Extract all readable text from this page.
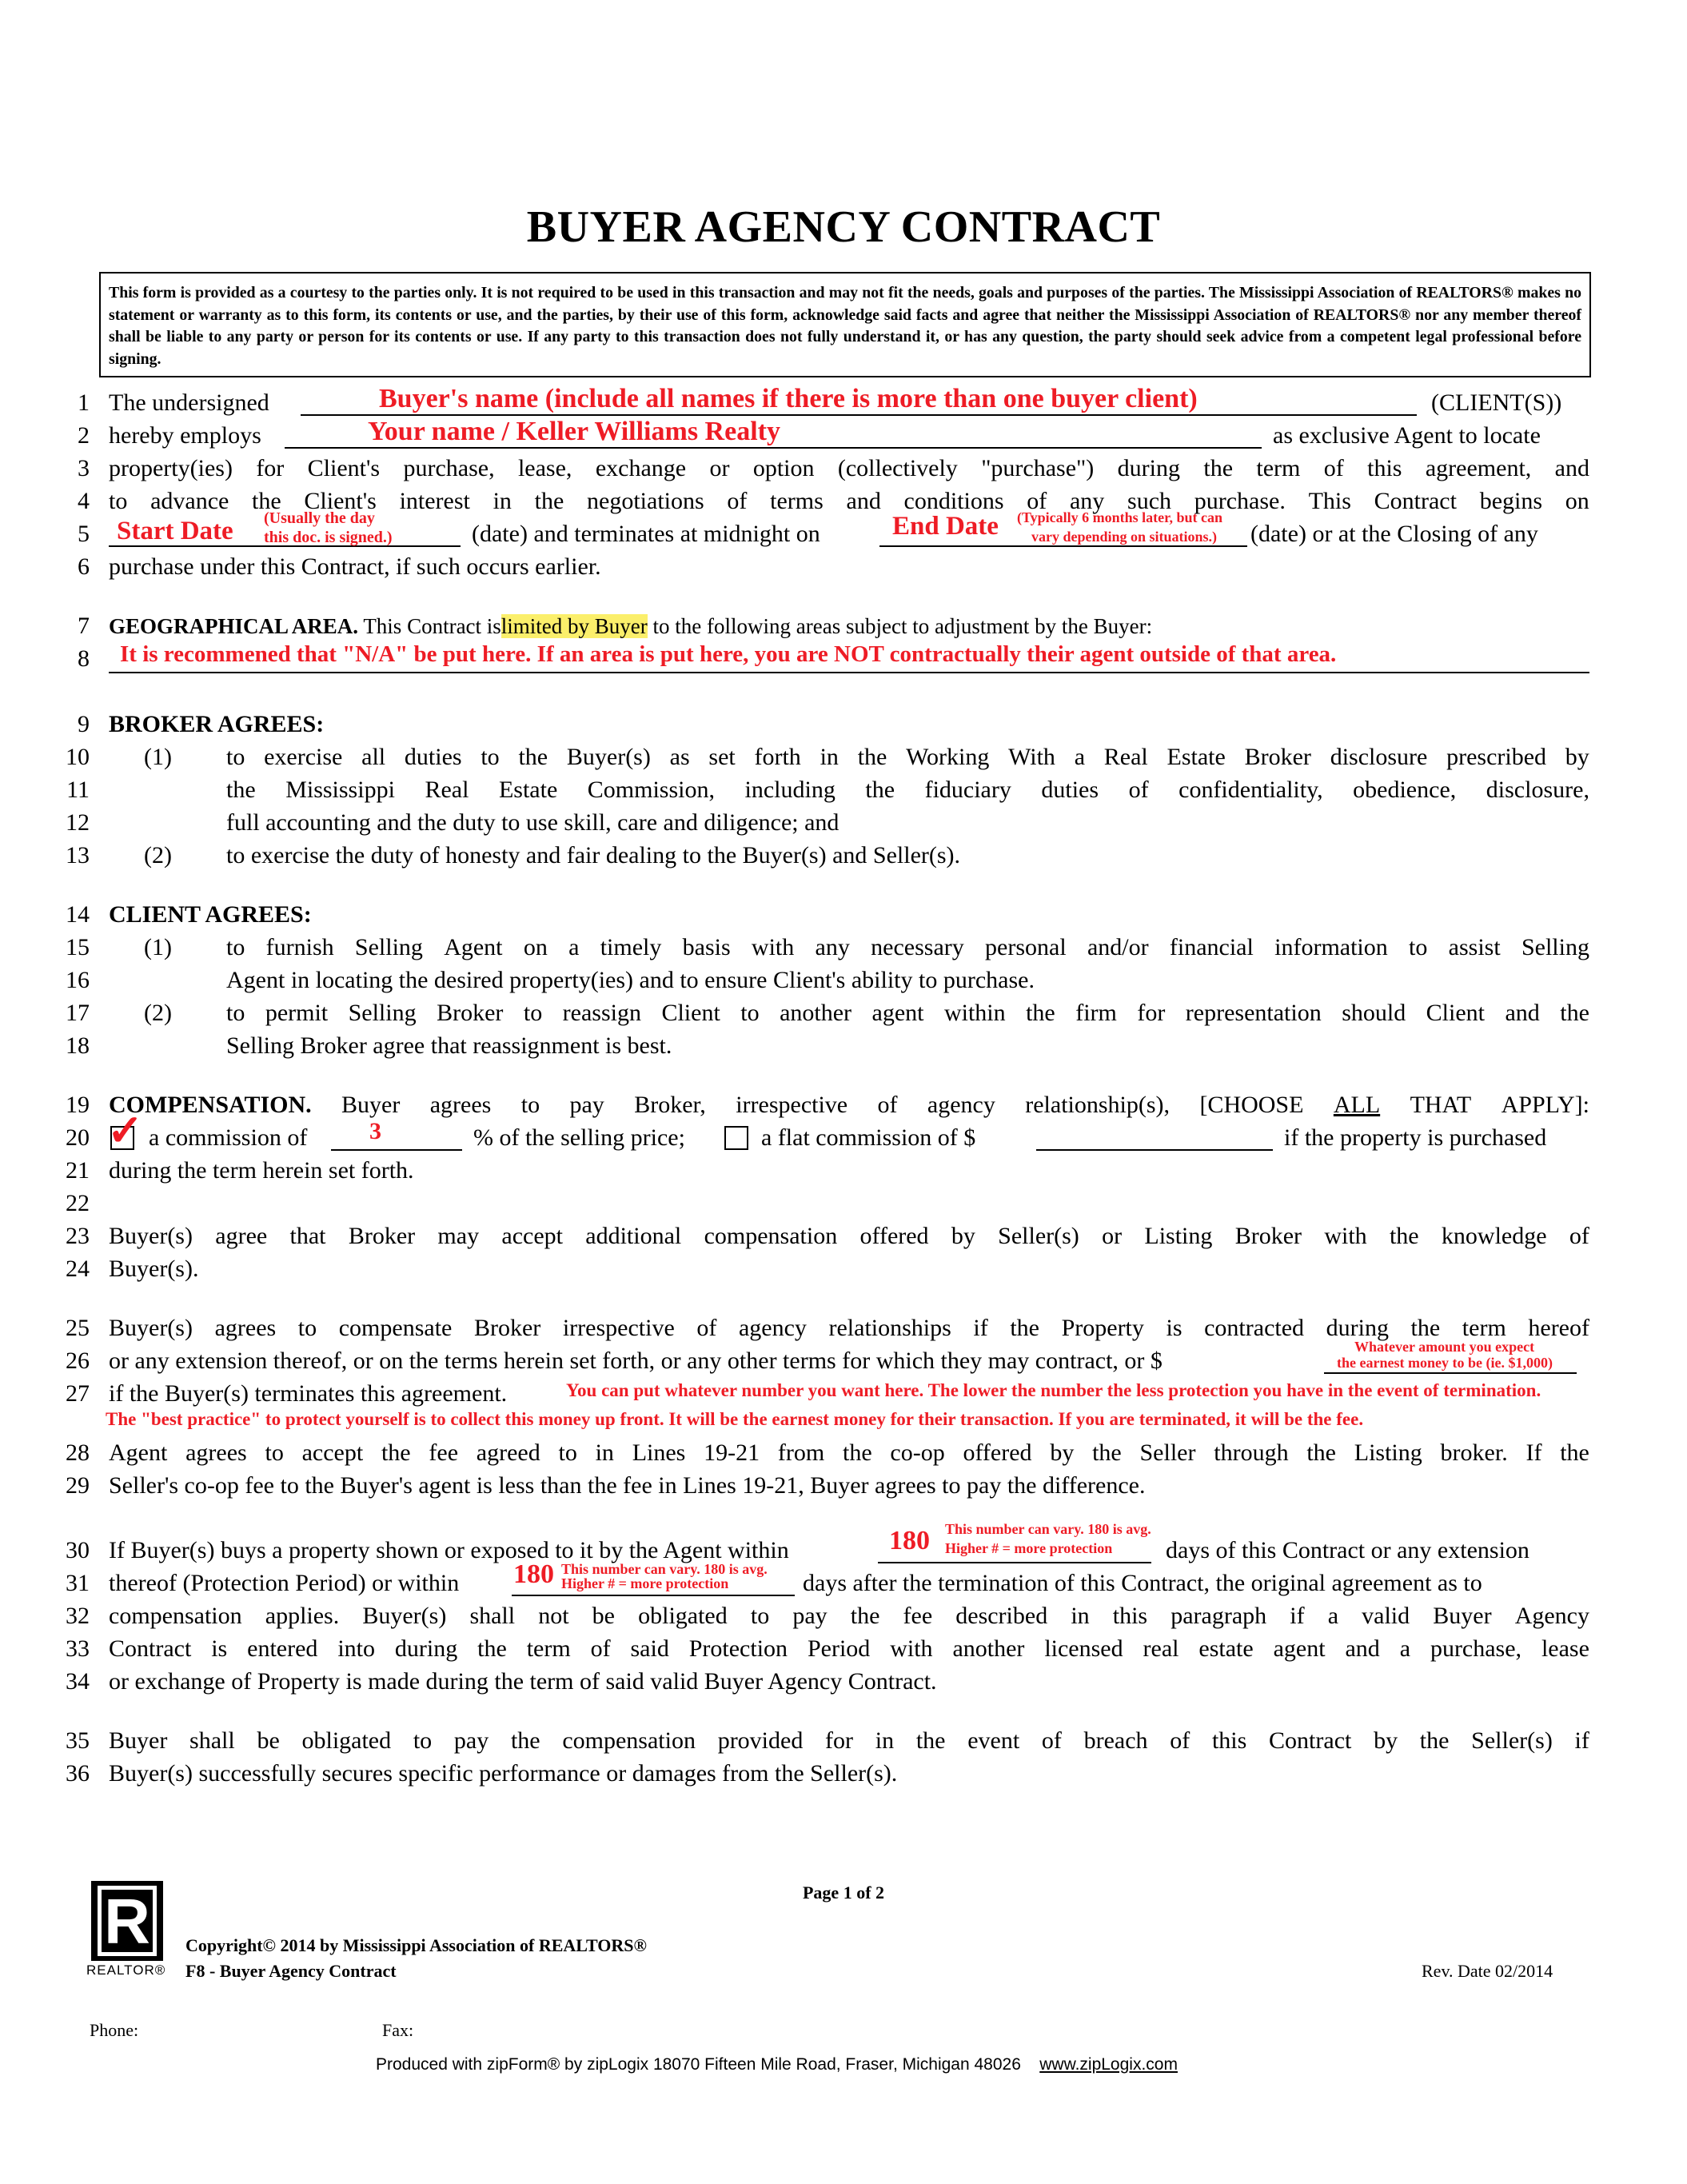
BUYER AGENCY CONTRACT
This form is provided as a courtesy to the parties only. It is not required to be used in this transaction and may not fit the needs, goals and purposes of the parties. The Mississippi Association of REALTORS® makes no statement or warranty as to this form, its contents or use, and the parties, by their use of this form, acknowledge said facts and agree that neither the Mississippi Association of REALTORS® nor any member thereof shall be liable to any party or person for its contents or use. If any party to this transaction does not fully understand it, or has any question, the party should seek advice from a competent legal professional before signing.
1
2
3
4
5
6
7
8
9
10
11
12
13
14
15
16
17
18
19
20
21
22
23
24
25
26
27
28
29
30
31
32
33
34
35
36
The undersigned	Buyer's name (include all names if there is more than one buyer client)	(CLIENT(S))
hereby employs	Your name / Keller Williams Realty	as exclusive Agent to locate
property(ies) for Client's purchase, lease, exchange or option (collectively "purchase") during the term of this agreement, and
to advance the Client's interest in the negotiations of terms and conditions of any such purchase. This Contract begins on
Start Date (Usually the day
this doc. is signed.)	(date) and terminates at midnight on	End Date (Typically 6 months later, but can
vary depending on situations.) (date) or at the Closing of any
purchase under this Contract, if such occurs earlier.
GEOGRAPHICAL AREA. This Contract islimited by Buyer to the following areas subject to adjustment by the Buyer:
It is recommened that "N/A" be put here. If an area is put here, you are NOT contractually their agent outside of that area.
BROKER AGREES:
(1) to exercise all duties to the Buyer(s) as set forth in the Working With a Real Estate Broker disclosure prescribed by
the Mississippi Real Estate Commission, including the fiduciary duties of confidentiality, obedience, disclosure,
full accounting and the duty to use skill, care and diligence; and
(2) to exercise the duty of honesty and fair dealing to the Buyer(s) and Seller(s).
CLIENT AGREES:
(1) to furnish Selling Agent on a timely basis with any necessary personal and/or financial information to assist Selling
Agent in locating the desired property(ies) and to ensure Client's ability to purchase.
(2) to permit Selling Broker to reassign Client to another agent within the firm for representation should Client and the
Selling Broker agree that reassignment is best.
COMPENSATION. Buyer agrees to pay Broker, irrespective of agency relationship(s), [CHOOSE ALL THAT APPLY]:
✓ a commission of	3	% of the selling price;	a flat commission of $	if the property is purchased
during the term herein set forth.
Buyer(s) agree that Broker may accept additional compensation offered by Seller(s) or Listing Broker with the knowledge of
Buyer(s).
Buyer(s) agrees to compensate Broker irrespective of agency relationships if the Property is contracted during the term hereof
or any extension thereof, or on the terms herein set forth, or any other terms for which they may contract, or $
Whatever amount you expect
the earnest money to be (ie. $1,000)
if the Buyer(s) terminates this agreement.	You can put whatever number you want here. The lower the number the less protection you have in the event of termination.
The "best practice" to protect yourself is to collect this money up front. It will be the earnest money for their transaction. If you are terminated, it will be the fee.
Agent agrees to accept the fee agreed to in Lines 19-21 from the co-op offered by the Seller through the Listing broker. If the
Seller's co-op fee to the Buyer's agent is less than the fee in Lines 19-21, Buyer agrees to pay the difference.
If Buyer(s) buys a property shown or exposed to it by the Agent within	180 This number can vary. 180 is avg.
Higher # = more protection days of this Contract or any extension
thereof (Protection Period) or within 180 This number can vary. 180 is avg.
Higher # = more protection	days after the termination of this Contract, the original agreement as to
compensation applies. Buyer(s) shall not be obligated to pay the fee described in this paragraph if a valid Buyer Agency
Contract is entered into during the term of said Protection Period with another licensed real estate agent and a purchase, lease
or exchange of Property is made during the term of said valid Buyer Agency Contract.
Buyer shall be obligated to pay the compensation provided for in the event of breach of this Contract by the Seller(s) if
Buyer(s) successfully secures specific performance or damages from the Seller(s).
Page 1 of 2
R
REALTOR®
Copyright© 2014 by Mississippi Association of REALTORS®
F8 - Buyer Agency Contract	Rev. Date 02/2014
Phone:	Fax:
Produced with zipForm® by zipLogix 18070 Fifteen Mile Road, Fraser, Michigan 48026 www.zipLogix.com
